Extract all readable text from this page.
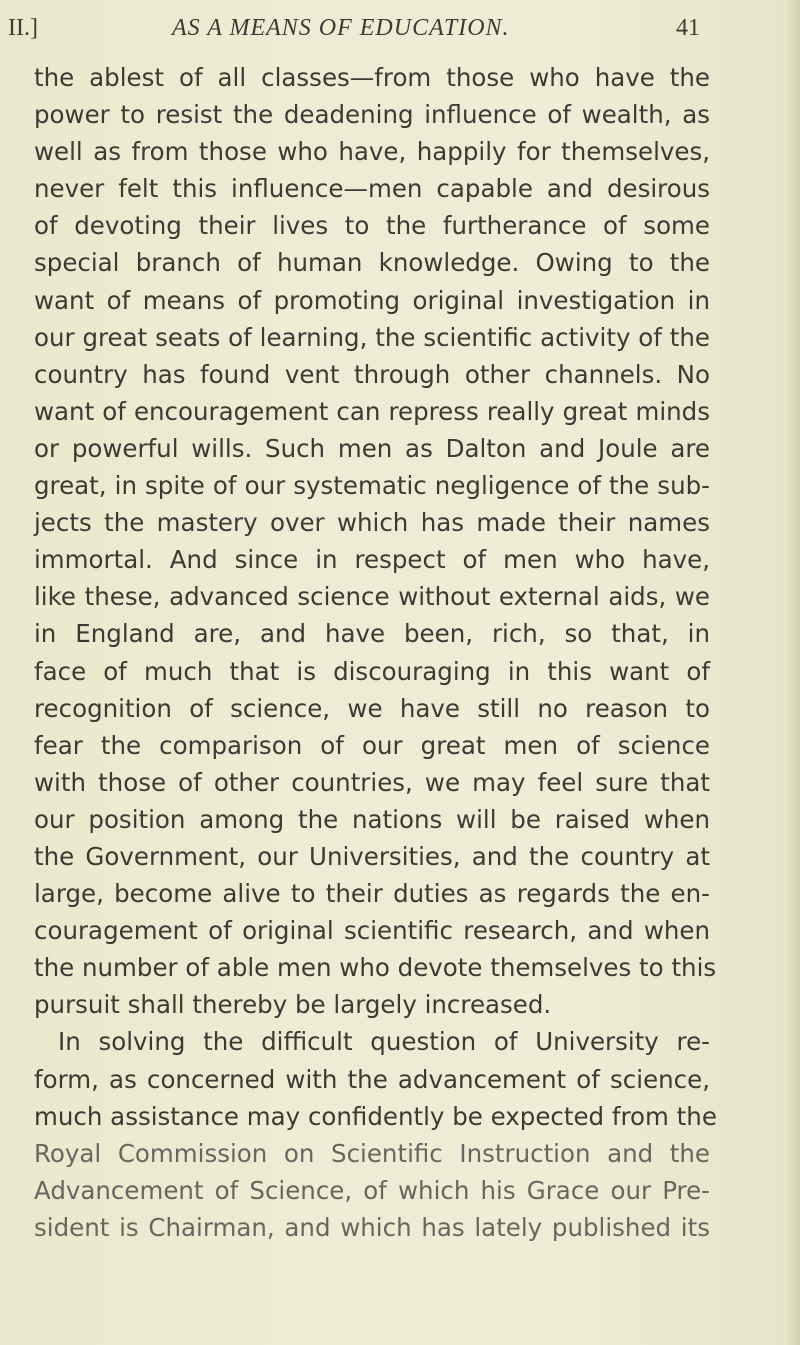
II.]	AS A MEANS OF EDUCATION.	41
the ablest of all classes—from those who have the
power to resist the deadening influence of wealth, as
well as from those who have, happily for themselves,
never felt this influence—men capable and desirous
of devoting their lives to the furtherance of some
special branch of human knowledge. Owing to the
want of means of promoting original investigation in
our great seats of learning, the scientific activity of the
country has found vent through other channels. No
want of encouragement can repress really great minds
or powerful wills. Such men as Dalton and Joule are
great, in spite of our systematic negligence of the sub-
jects the mastery over which has made their names
immortal. And since in respect of men who have,
like these, advanced science without external aids, we
in England are, and have been, rich, so that, in
face of much that is discouraging in this want of
recognition of science, we have still no reason to
fear the comparison of our great men of science
with those of other countries, we may feel sure that
our position among the nations will be raised when
the Government, our Universities, and the country at
large, become alive to their duties as regards the en-
couragement of original scientific research, and when
the number of able men who devote themselves to this
pursuit shall thereby be largely increased.
In solving the difficult question of University re-
form, as concerned with the advancement of science,
much assistance may confidently be expected from the
Royal Commission on Scientific Instruction and the
Advancement of Science, of which his Grace our Pre-
sident is Chairman, and which has lately published its
